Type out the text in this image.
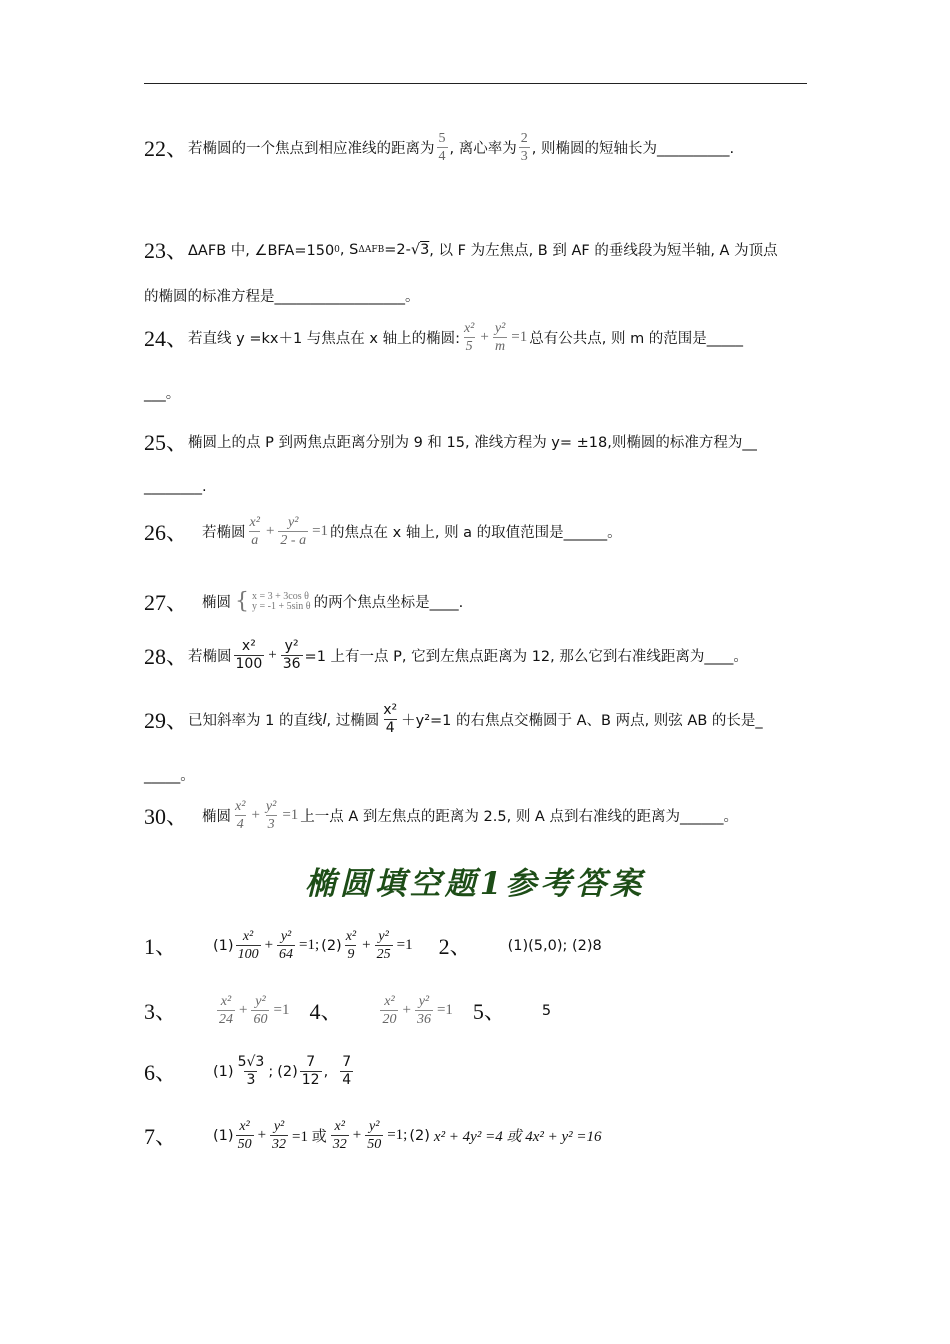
22、 若椭圆的一个焦点到相应准线的距离为 $\frac{5}{4}$ , 离心率为 $\frac{2}{3}$ , 则椭圆的短轴长为__________.
23、 ΔAFB 中, ∠BFA=150 0 , S ΔAFB =2- √ 3 , 以 F 为左焦点, B 到 AF 的垂线段为短半轴, A 为顶点
的椭圆的标准方程是__________________。
24、 若直线 y =kx＋1 与焦点在 x 轴上的椭圆: $\frac{\text{x²}}{5} + \frac{\text{y²}}{m} =1$ 总有公共点, 则 m 的范围是_____
___。
25、 椭圆上的点 P 到两焦点距离分别为 9 和 15, 准线方程为 y= ±18,则椭圆的标准方程为__
________.
26、 若椭圆 $\frac{\text{x²}}{a} + \frac{\text{y²}}{2 - a} =1$ 的焦点在 x 轴上, 则 a 的取值范围是______。
27、 椭圆 { x = 3 + 3cos θ
y = -1 + 5sin θ 的两个焦点坐标是____.
28、 若椭圆 $\frac{\text{x²}}{100} + \frac{\text{y²}}{36} =1$ 上有一点 P, 它到左焦点距离为 12, 那么它到右准线距离为____。
29、 已知斜率为 1 的直线 l , 过椭圆 $\frac{\text{x²}}{4} +y^2=1$ 的右焦点交椭圆于 A、B 两点, 则弦 AB 的长是_
_____。
30、 椭圆 $\frac{\text{x²}}{4} + \frac{\text{y²}}{3} =1$ 上一点 A 到左焦点的距离为 2.5, 则 A 点到右准线的距离为______。
椭圆填空题1参考答案
1、 $(1) \frac{\text{x²}}{100} + \frac{\text{y²}}{64} =1$; $(2) \frac{\text{x²}}{9} + \frac{\text{y²}}{25} =1$ 2、 (1)(5,0); (2)8
3、	$\frac{\text{x²}}{24} + \frac{\text{y²}}{60} =1$ 4、	$\frac{\text{x²}}{20} + \frac{\text{y²}}{36} =1$ 5、 5
6、 $(1) \frac{5√3}{3}$ ; $(2) \frac{7}{12}$ , $\frac{7}{4}$
7、 $(1) \frac{\text{x²}}{50} + \frac{\text{y²}}{32} =1$ 或 $\frac{\text{x²}}{32} + \frac{\text{y²}}{50} =1$; (2) x² + 4y² =4 或 4x² + y² =16
